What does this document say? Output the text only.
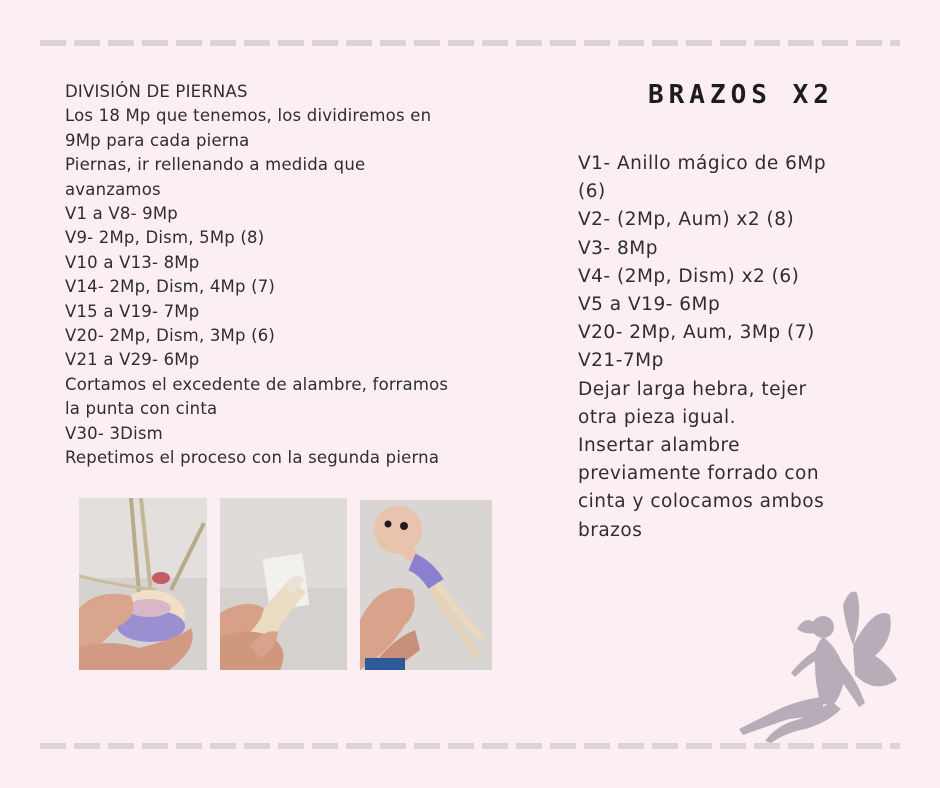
DIVISIÓN DE PIERNAS
Los 18 Mp que tenemos, los dividiremos en
9Mp para cada pierna
Piernas, ir rellenando a medida que
avanzamos
V1 a V8- 9Mp
V9- 2Mp, Dism, 5Mp (8)
V10 a V13- 8Mp
V14- 2Mp, Dism, 4Mp (7)
V15 a V19- 7Mp
V20- 2Mp, Dism, 3Mp (6)
V21 a V29- 6Mp
Cortamos el excedente de alambre, forramos
la punta con cinta
V30- 3Dism
Repetimos el proceso con la segunda pierna
BRAZOS X2
V1- Anillo mágico de 6Mp
(6)
V2- (2Mp, Aum) x2 (8)
V3- 8Mp
V4- (2Mp, Dism) x2 (6)
V5 a V19- 6Mp
V20- 2Mp, Aum, 3Mp (7)
V21-7Mp
Dejar larga hebra, tejer
otra pieza igual.
Insertar alambre
previamente forrado con
cinta y colocamos ambos
brazos
